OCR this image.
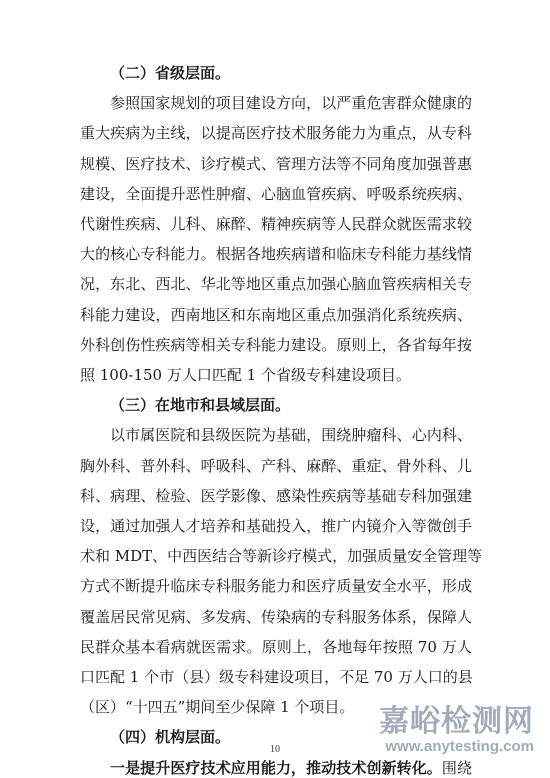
（二）省级层面。
参照国家规划的项目建设方向，以严重危害群众健康的
重大疾病为主线，以提高医疗技术服务能力为重点，从专科
规模、医疗技术、诊疗模式、管理方法等不同角度加强普惠
建设，全面提升恶性肿瘤、心脑血管疾病、呼吸系统疾病、
代谢性疾病、儿科、麻醉、精神疾病等人民群众就医需求较
大的核心专科能力。根据各地疾病谱和临床专科能力基线情
况，东北、西北、华北等地区重点加强心脑血管疾病相关专
科能力建设，西南地区和东南地区重点加强消化系统疾病、
外科创伤性疾病等相关专科能力建设。原则上，各省每年按
照 100-150 万人口匹配 1 个省级专科建设项目。
（三）在地市和县域层面。
以市属医院和县级医院为基础，围绕肿瘤科、心内科、
胸外科、普外科、呼吸科、产科、麻醉、重症、骨外科、儿
科、病理、检验、医学影像、感染性疾病等基础专科加强建
设，通过加强人才培养和基础投入，推广内镜介入等微创手
术和 MDT、中西医结合等新诊疗模式，加强质量安全管理等
方式不断提升临床专科服务能力和医疗质量安全水平，形成
覆盖居民常见病、多发病、传染病的专科服务体系，保障人
民群众基本看病就医需求。原则上，各地每年按照 70 万人
口匹配 1 个市（县）级专科建设项目，不足 70 万人口的县
（区）“十四五”期间至少保障 1 个项目。
（四）机构层面。
一是提升医疗技术应用能力，推动技术创新转化。围绕
10
嘉峪检测网
www.anytesting.com
